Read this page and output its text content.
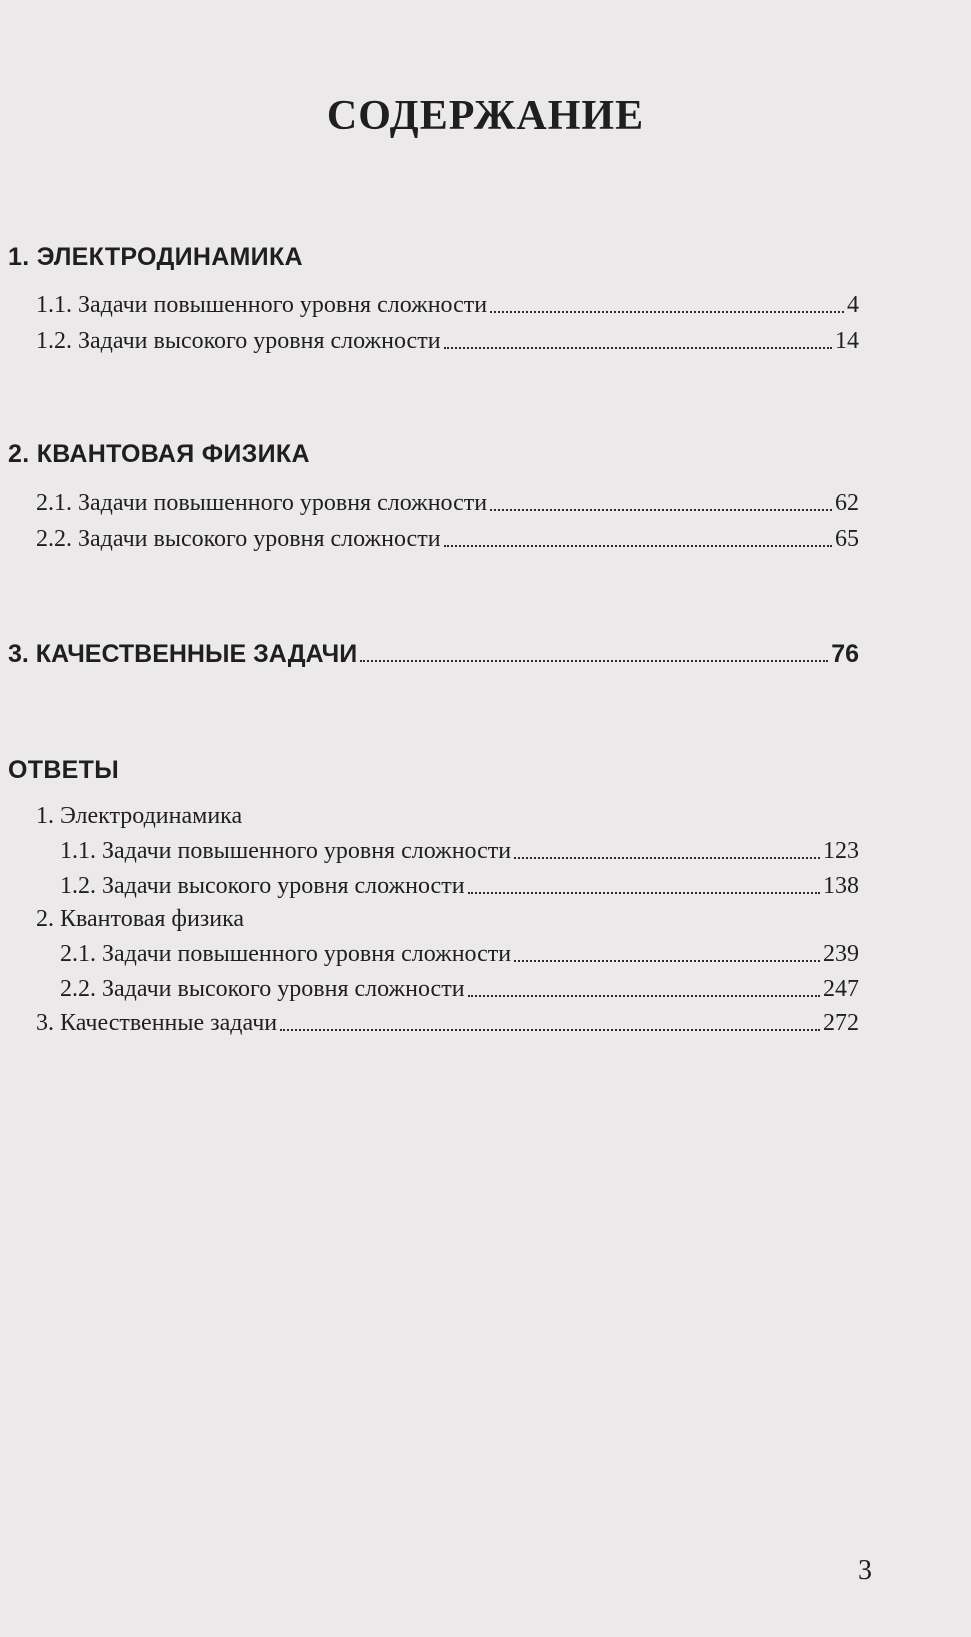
СОДЕРЖАНИЕ
1. ЭЛЕКТРОДИНАМИКА
1.1. Задачи повышенного уровня сложности	4
1.2. Задачи высокого уровня сложности	14
2. КВАНТОВАЯ ФИЗИКА
2.1. Задачи повышенного уровня сложности	62
2.2. Задачи высокого уровня сложности	65
3. КАЧЕСТВЕННЫЕ ЗАДАЧИ	76
ОТВЕТЫ
1. Электродинамика
1.1. Задачи повышенного уровня сложности	123
1.2. Задачи высокого уровня сложности	138
2. Квантовая физика
2.1. Задачи повышенного уровня сложности	239
2.2. Задачи высокого уровня сложности	247
3. Качественные задачи	272
3
